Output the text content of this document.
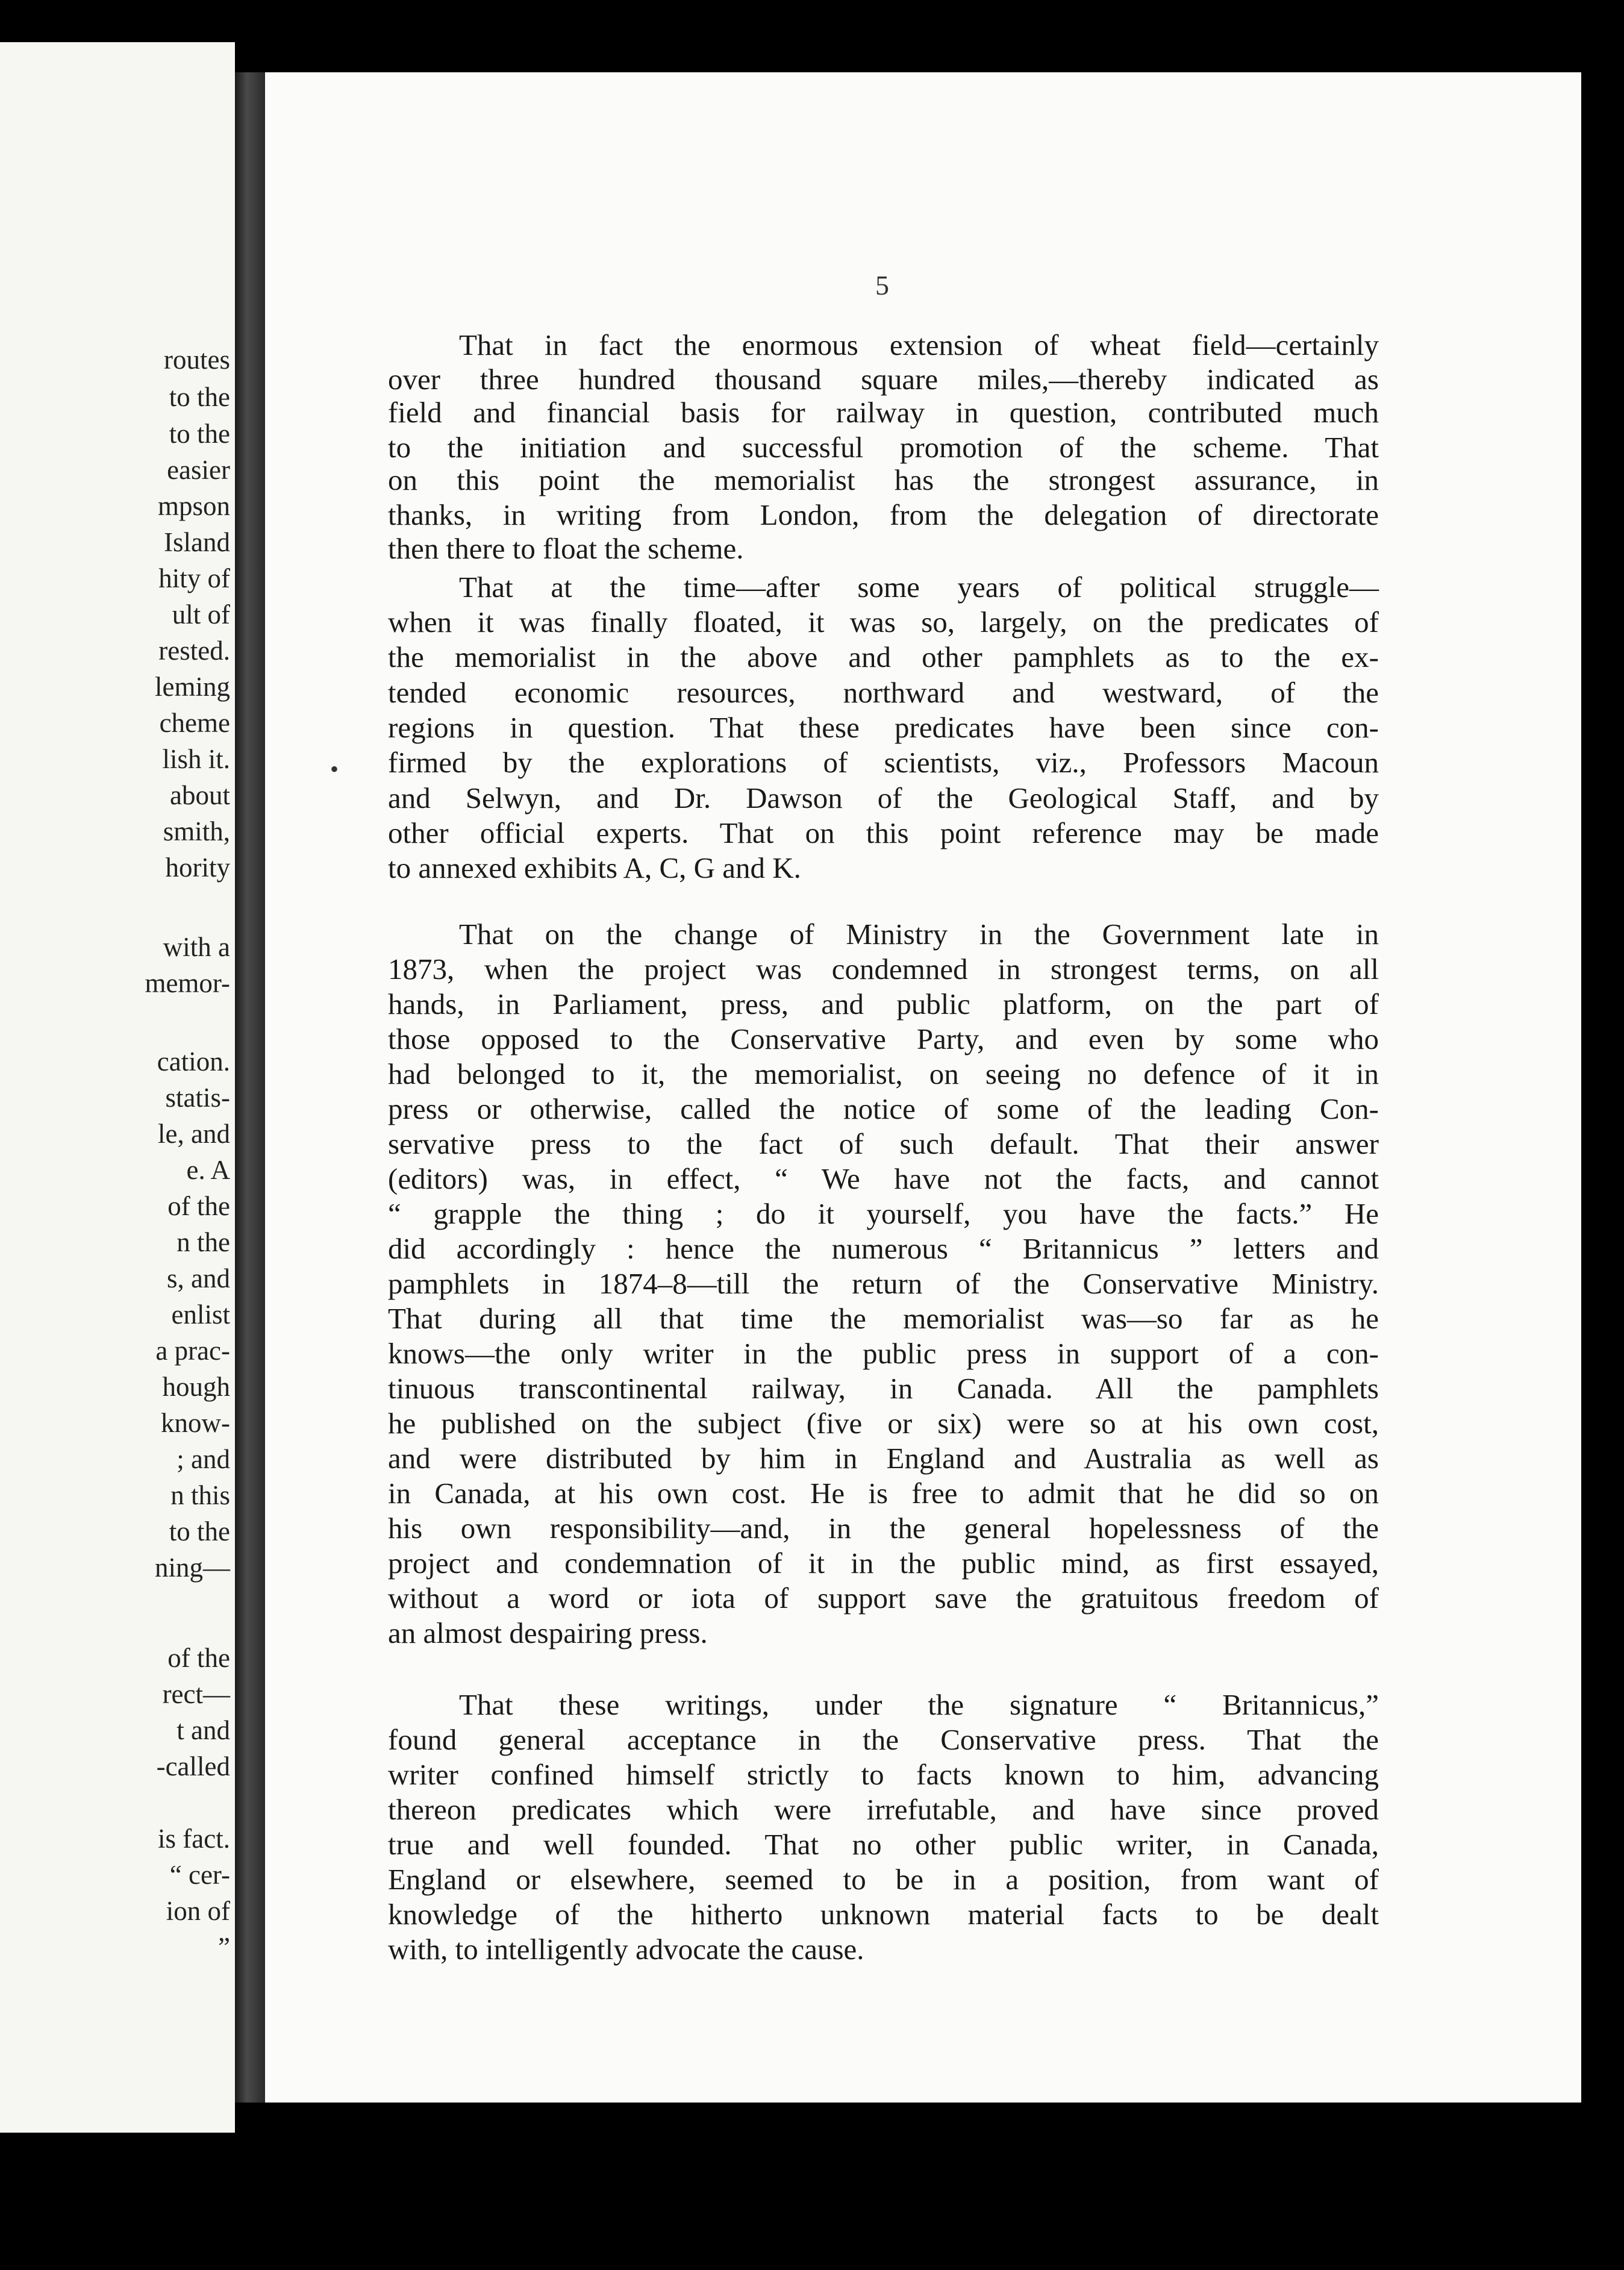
routes
to the
to the
easier
mpson
Island
hity of
ult of
rested.
leming
cheme
lish it.
about
smith,
hority
with a
memor-
cation.
statis-
le, and
e. A
of the
n the
s, and
enlist
a prac-
hough
know-
; and
n this
to the
ning—
of the
rect—
t and
-called
is fact.
“ cer-
ion of
”
5
•
That in fact the enormous extension of wheat field—certainly
over three hundred thousand square miles,—thereby indicated as
field and financial basis for railway in question, contributed much
to the initiation and successful promotion of the scheme. That
on this point the memorialist has the strongest assurance, in
thanks, in writing from London, from the delegation of directorate
then there to float the scheme.
That at the time—after some years of political struggle—
when it was finally floated, it was so, largely, on the predicates of
the memorialist in the above and other pamphlets as to the ex-
tended economic resources, northward and westward, of the
regions in question. That these predicates have been since con-
firmed by the explorations of scientists, viz., Professors Macoun
and Selwyn, and Dr. Dawson of the Geological Staff, and by
other official experts. That on this point reference may be made
to annexed exhibits A, C, G and K.
That on the change of Ministry in the Government late in
1873, when the project was condemned in strongest terms, on all
hands, in Parliament, press, and public platform, on the part of
those opposed to the Conservative Party, and even by some who
had belonged to it, the memorialist, on seeing no defence of it in
press or otherwise, called the notice of some of the leading Con-
servative press to the fact of such default. That their answer
(editors) was, in effect, “ We have not the facts, and cannot
“ grapple the thing ; do it yourself, you have the facts.” He
did accordingly : hence the numerous “ Britannicus ” letters and
pamphlets in 1874–8—till the return of the Conservative Ministry.
That during all that time the memorialist was—so far as he
knows—the only writer in the public press in support of a con-
tinuous transcontinental railway, in Canada. All the pamphlets
he published on the subject (five or six) were so at his own cost,
and were distributed by him in England and Australia as well as
in Canada, at his own cost. He is free to admit that he did so on
his own responsibility—and, in the general hopelessness of the
project and condemnation of it in the public mind, as first essayed,
without a word or iota of support save the gratuitous freedom of
an almost despairing press.
That these writings, under the signature “ Britannicus,”
found general acceptance in the Conservative press. That the
writer confined himself strictly to facts known to him, advancing
thereon predicates which were irrefutable, and have since proved
true and well founded. That no other public writer, in Canada,
England or elsewhere, seemed to be in a position, from want of
knowledge of the hitherto unknown material facts to be dealt
with, to intelligently advocate the cause.
